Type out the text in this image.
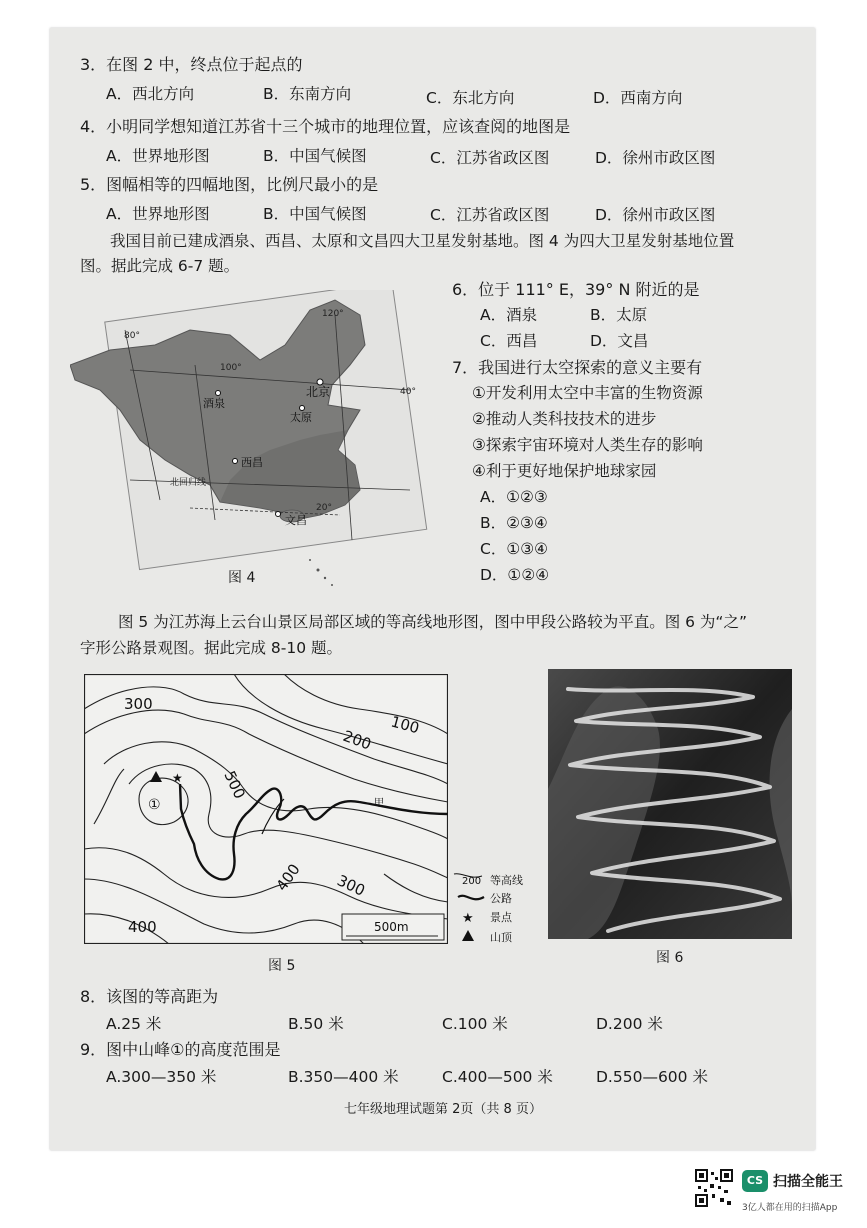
3．在图 2 中，终点位于起点的
A．西北方向	B．东南方向	C．东北方向	D．西南方向
4．小明同学想知道江苏省十三个城市的地理位置，应该查阅的地图是
A．世界地形图	B．中国气候图	C．江苏省政区图	D．徐州市政区图
5．图幅相等的四幅地图，比例尺最小的是
A．世界地形图	B．中国气候图	C．江苏省政区图	D．徐州市政区图
我国目前已建成酒泉、西昌、太原和文昌四大卫星发射基地。图 4 为四大卫星发射基地位置
图。据此完成 6-7 题。
80°
100°
120°
40°
20°
北回归线
北京
酒泉
太原
西昌
文昌
图 4
6．位于 111° E，39° N 附近的是
A．酒泉	B．太原
C．西昌	D．文昌
7．我国进行太空探索的意义主要有
①开发利用太空中丰富的生物资源
②推动人类科技技术的进步
③探索宇宙环境对人类生存的影响
④利于更好地保护地球家园
A．①②③
B．②③④
C．①③④
D．①②④
图 5 为江苏海上云台山景区局部区域的等高线地形图，图中甲段公路较为平直。图 6 为“之”
字形公路景观图。据此完成 8-10 题。
★
①	甲
300
100
200
500
400 300
400	500m
200 等高线
公路
★ 景点
山顶
图 5	图 6
8．该图的等高距为
A.25 米	B.50 米	C.100 米	D.200 米
9．图中山峰①的高度范围是
A.300—350 米	B.350—400 米	C.400—500 米	D.550—600 米
七年级地理试题第 2页（共 8 页）
CS 扫描全能王
3亿人都在用的扫描App
